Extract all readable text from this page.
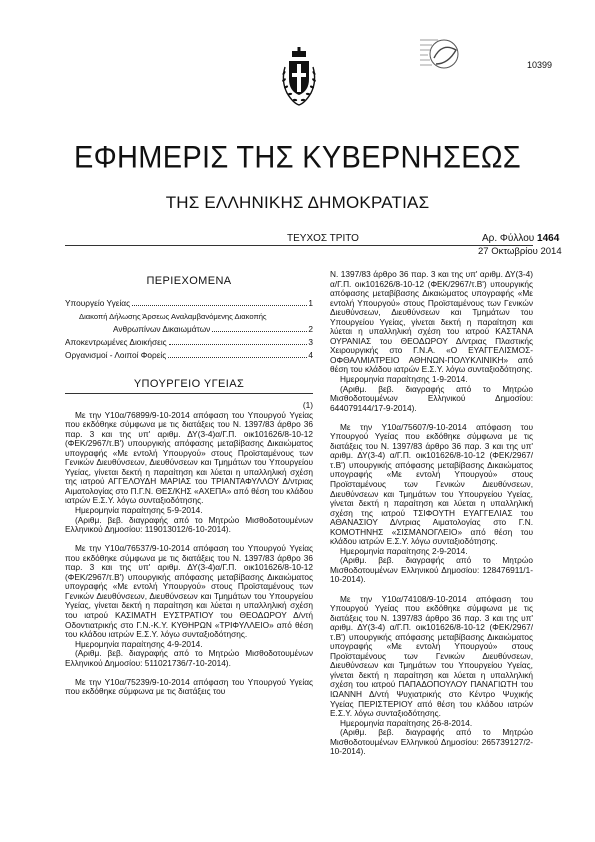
10399
ΕΦΗΜΕΡΙΣ ΤΗΣ ΚΥΒΕΡΝΗΣΕΩΣ
ΤΗΣ ΕΛΛΗΝΙΚΗΣ ΔΗΜΟΚΡΑΤΙΑΣ
ΤΕΥΧΟΣ ΤΡΙΤΟ	Αρ. Φύλλου 1464
27 Οκτωβρίου 2014
ΠΕΡΙΕΧΟΜΕΝΑ
Υπουργείο Υγείας	1
Διακοπή Δήλωσης Άρσεως Αναλαμβανόμενης Διακοπής
Ανθρωπίνων Δικαιωμάτων	2
Αποκεντρωμένες Διοικήσεις	3
Οργανισμοί - Λοιποί Φορείς	4
ΥΠΟΥΡΓΕΙΟ ΥΓΕΙΑΣ

(1)

Με την Υ10α/76899/9-10-2014 απόφαση του Υπουργού Υγείας που εκδόθηκε σύμφωνα με τις διατάξεις του Ν. 1397/83 άρθρο 36 παρ. 3 και της υπ' αριθμ. ΔΥ(3-4)α/Γ.Π. οικ101626/8-10-12 (ΦΕΚ/2967/τ.Β') υπουργικής απόφασης μεταβίβασης Δικαιώματος υπογραφής «Με εντολή Υπουργού» στους Προϊσταμένους των Γενικών Διευθύνσεων, Διευθύνσεων και Τμημάτων του Υπουργείου Υγείας, γίνεται δεκτή η παραίτηση και λύεται η υπαλληλική σχέση της ιατρού ΑΓΓΕΛΟΥΔΗ ΜΑΡΙΑΣ του ΤΡΙΑΝΤΑΦΥΛΛΟΥ Δ/ντριας Αιματολογίας στο Π.Γ.Ν. ΘΕΣ/ΚΗΣ «ΑΧΕΠΑ» από θέση του κλάδου ιατρών Ε.Σ.Υ. λόγω συνταξιοδότησης.

Ημερομηνία παραίτησης 5-9-2014.

(Αριθμ. βεβ. διαγραφής από το Μητρώο Μισθοδοτουμένων Ελληνικού Δημοσίου: 119013012/6-10-2014).

Με την Υ10α/76537/9-10-2014 απόφαση του Υπουργού Υγείας που εκδόθηκε σύμφωνα με τις διατάξεις του Ν. 1397/83 άρθρο 36 παρ. 3 και της υπ' αριθμ. ΔΥ(3-4)α/Γ.Π. οικ101626/8-10-12 (ΦΕΚ/2967/τ.Β') υπουργικής απόφασης μεταβίβασης Δικαιώματος υπογραφής «Με εντολή Υπουργού» στους Προϊσταμένους των Γενικών Διευθύνσεων, Διευθύνσεων και Τμημάτων του Υπουργείου Υγείας, γίνεται δεκτή η παραίτηση και λύεται η υπαλληλική σχέση του ιατρού ΚΑΣΙΜΑΤΗ ΕΥΣΤΡΑΤΙΟΥ του ΘΕΟΔΩΡΟΥ Δ/ντή Οδοντιατρικής στο Γ.Ν.-Κ.Υ. ΚΥΘΗΡΩΝ «ΤΡΙΦΥΛΛΕΙΟ» από θέση του κλάδου ιατρών Ε.Σ.Υ. λόγω συνταξιοδότησης.

Ημερομηνία παραίτησης 4-9-2014.

(Αριθμ. βεβ. διαγραφής από το Μητρώο Μισθοδοτουμένων Ελληνικού Δημοσίου: 511021736/7-10-2014).

Με την Υ10α/75239/9-10-2014 απόφαση του Υπουργού Υγείας που εκδόθηκε σύμφωνα με τις διατάξεις του

Ν. 1397/83 άρθρο 36 παρ. 3 και της υπ' αριθμ. ΔΥ(3-4) α/Γ.Π. οικ101626/8-10-12 (ΦΕΚ/2967/τ.Β') υπουργικής απόφασης μεταβίβασης Δικαιώματος υπογραφής «Με εντολή Υπουργού» στους Προϊσταμένους των Γενικών Διευθύνσεων, Διευθύνσεων και Τμημάτων του Υπουργείου Υγείας, γίνεται δεκτή η παραίτηση και λύεται η υπαλληλική σχέση του ιατρού ΚΑΣΤΑΝΑ ΟΥΡΑΝΙΑΣ του ΘΕΟΔΩΡΟΥ Δ/ντριας Πλαστικής Χειρουργικής στο Γ.Ν.Α. «Ο ΕΥΑΓΓΕΛΙΣΜΟΣ-ΟΦΘΑΛΜΙΑΤΡΕΙΟ ΑΘΗΝΩΝ-ΠΟΛΥΚΛΙΝΙΚΗ» από θέση του κλάδου ιατρών Ε.Σ.Υ. λόγω συνταξιοδότησης.

Ημερομηνία παραίτησης 1-9-2014.

(Αριθμ. βεβ. διαγραφής από το Μητρώο Μισθοδοτουμένων Ελληνικού Δημοσίου: 644079144/17-9-2014).

Με την Υ10α/75607/9-10-2014 απόφαση του Υπουργού Υγείας που εκδόθηκε σύμφωνα με τις διατάξεις του Ν. 1397/83 άρθρο 36 παρ. 3 και της υπ' αριθμ. ΔΥ(3-4) α/Γ.Π. οικ101626/8-10-12 (ΦΕΚ/2967/τ.Β') υπουργικής απόφασης μεταβίβασης Δικαιώματος υπογραφής «Με εντολή Υπουργού» στους Προϊσταμένους των Γενικών Διευθύνσεων, Διευθύνσεων και Τμημάτων του Υπουργείου Υγείας, γίνεται δεκτή η παραίτηση και λύεται η υπαλληλική σχέση της ιατρού ΤΣΙΦΟΥΤΗ ΕΥΑΓΓΕΛΙΑΣ του ΑΘΑΝΑΣΙΟΥ Δ/ντριας Αιματολογίας στο Γ.Ν. ΚΟΜΟΤΗΝΗΣ «ΣΙΣΜΑΝΟΓΛΕΙΟ» από θέση του κλάδου ιατρών Ε.Σ.Υ. λόγω συνταξιοδότησης.

Ημερομηνία παραίτησης 2-9-2014.

(Αριθμ. βεβ. διαγραφής από το Μητρώο Μισθοδοτουμένων Ελληνικού Δημοσίου: 128476911/1-10-2014).

Με την Υ10α/74108/9-10-2014 απόφαση του Υπουργού Υγείας που εκδόθηκε σύμφωνα με τις διατάξεις του Ν. 1397/83 άρθρο 36 παρ. 3 και της υπ' αριθμ. ΔΥ(3-4) α/Γ.Π. οικ101626/8-10-12 (ΦΕΚ/2967/τ.Β') υπουργικής απόφασης μεταβίβασης Δικαιώματος υπογραφής «Με εντολή Υπουργού» στους Προϊσταμένους των Γενικών Διευθύνσεων, Διευθύνσεων και Τμημάτων του Υπουργείου Υγείας, γίνεται δεκτή η παραίτηση και λύεται η υπαλληλική σχέση του ιατρού ΠΑΠΑΔΟΠΟΥΛΟΥ ΠΑΝΑΓΙΩΤΗ του ΙΩΑΝΝΗ Δ/ντή Ψυχιατρικής στο Κέντρο Ψυχικής Υγείας ΠΕΡΙΣΤΕΡΙΟΥ από θέση του κλάδου ιατρών Ε.Σ.Υ. λόγω συνταξιοδότησης.

Ημερομηνία παραίτησης 26-8-2014.

(Αριθμ. βεβ. διαγραφής από το Μητρώο Μισθοδοτουμένων Ελληνικού Δημοσίου: 265739127/2-10-2014).
